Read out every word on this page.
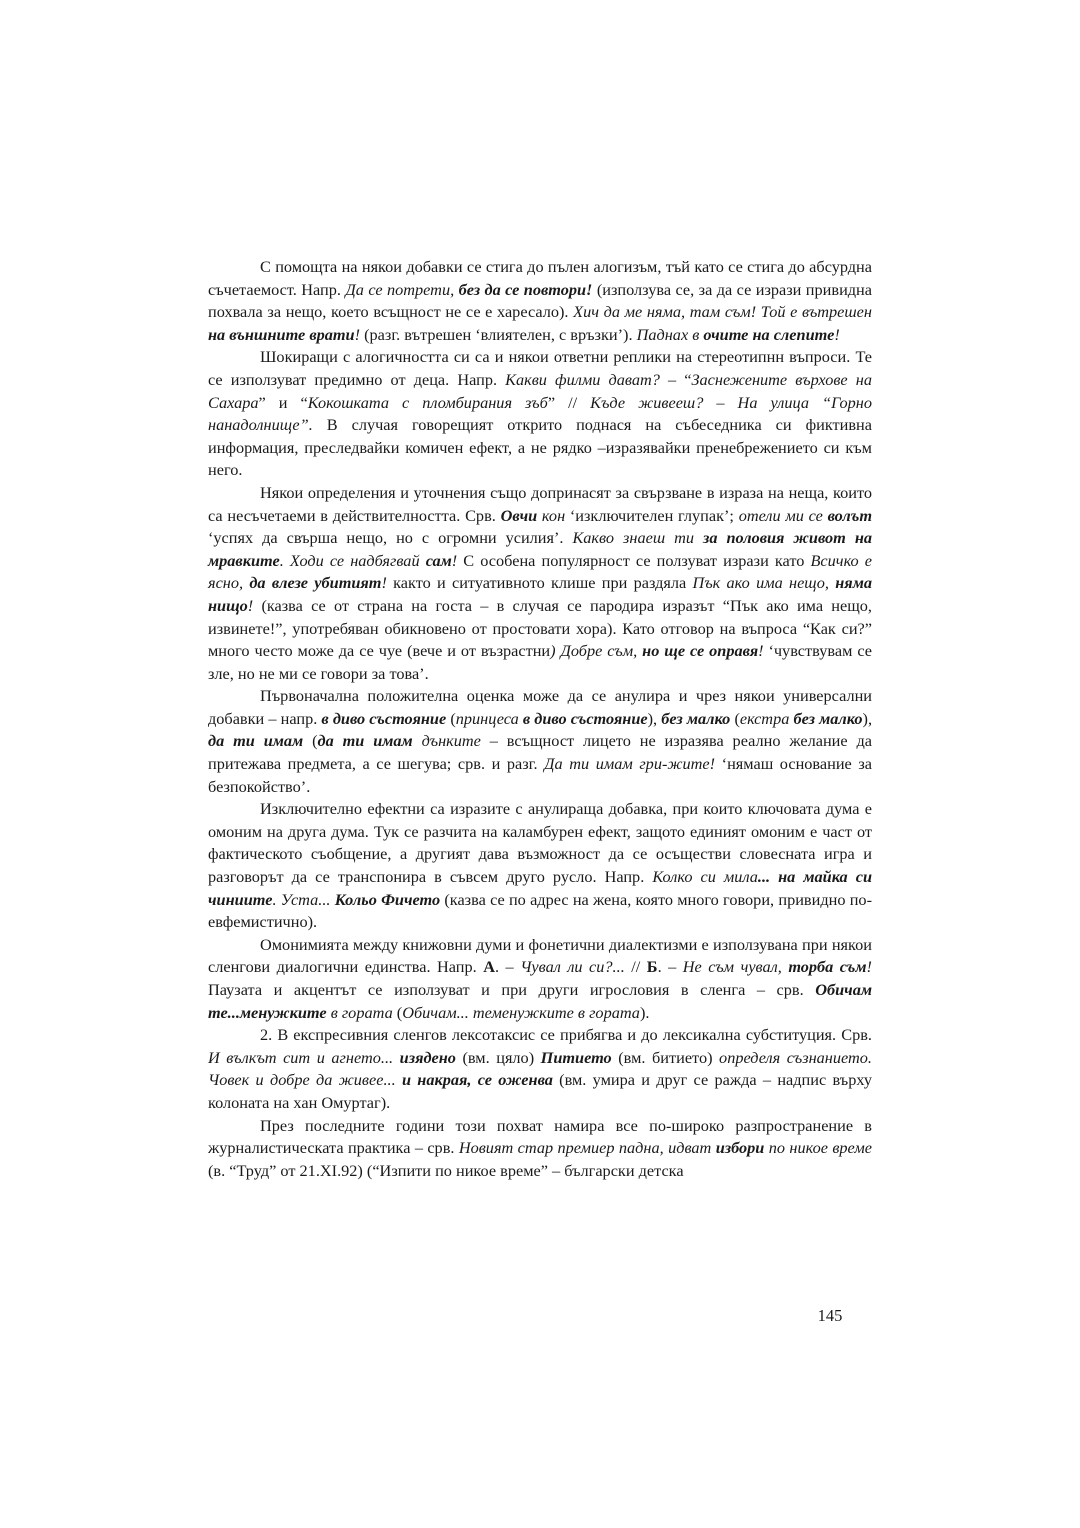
С помощта на някои добавки се стига до пълен алогизъм, тъй като се стига до абсурдна съчетаемост. Напр. Да се потрети, без да се повтори! (използува се, за да се изрази привидна похвала за нещо, което всъщност не се е харесало). Хич да ме няма, там съм! Той е вътрешен на външните врати! (разг. вътрешен ‘влиятелен, с връзки’). Паднах в очите на слепите!

Шокиращи с алогичността си са и някои ответни реплики на стереотипнн въпроси. Те се използуват предимно от деца. Напр. Какви филми дават? – “Заснежените върхове на Сахара” и “Кокошката с пломбирания зъб” // Къде живееш? – На улица “Горно нанадолнище”. В случая говорещият открито поднася на събеседника си фиктивна информация, преследвайки комичен ефект, а не рядко –изразявайки пренебрежението си към него.

Някои определения и уточнения също допринасят за свързване в израза на неща, които са несъчетаеми в действителността. Срв. Овчи кон ‘изключителен глупак’; отели ми се волът ‘успях да свърша нещо, но с огромни усилия’. Какво знаеш ти за половия живот на мравките. Ходи се надбягвай сам! С особена популярност се ползуват изрази като Всичко е ясно, да влезе убитият! както и ситуативното клише при раздяла Пък ако има нещо, няма нищо! (казва се от страна на госта – в случая се пародира изразът “Пък ако има нещо, извинете!”, употребяван обикновено от простовати хора). Като отговор на въпроса “Как си?” много често може да се чуе (вече и от възрастни) Добре съм, но ще се оправя! ‘чувствувам се зле, но не ми се говори за това’.

Първоначална положителна оценка може да се анулира и чрез някои универсални добавки – напр. в диво състояние (принцеса в диво състояние), без малко (екстра без малко), да ти имам (да ти имам дънките – всъщност лицето не изразява реално желание да притежава предмета, а се шегува; срв. и разг. Да ти имам гри-жите! ‘нямаш основание за безпокойство’.

Изключително ефектни са изразите с анулираща добавка, при които ключовата дума е омоним на друга дума. Тук се разчита на каламбурен ефект, защото единият омоним е част от фактическото съобщение, а другият дава възможност да се осъществи словесната игра и разговорът да се транспонира в съвсем друго русло. Напр. Колко си мила... на майка си чиниите. Уста... Кольо Фичето (казва се по адрес на жена, която много говори, привидно по-евфемистично).

Омонимията между книжовни думи и фонетични диалектизми е използувана при някои сленгови диалогични единства. Напр. А. – Чувал ли си?... // Б. – Не съм чувал, торба съм! Паузата и акцентът се използуват и при други игрословия в сленга – срв. Обичам те...менужките в гората (Обичам... теменужките в гората).

2. В експресивния сленгов лексотаксис се прибягва и до лексикална субституция. Срв. И вълкът сит и агнето... изядено (вм. цяло) Питието (вм. битието) определя съзнанието. Човек и добре да живее... и накрая, се оженва (вм. умира и друг се ражда – надпис върху колоната на хан Омуртаг).

През последните години този похват намира все по-широко разпространение в журналистическата практика – срв. Новият стар премиер падна, идват избори по никое време (в. “Труд” от 21.ХI.92) (“Изпити по никое време” – български детска

145
